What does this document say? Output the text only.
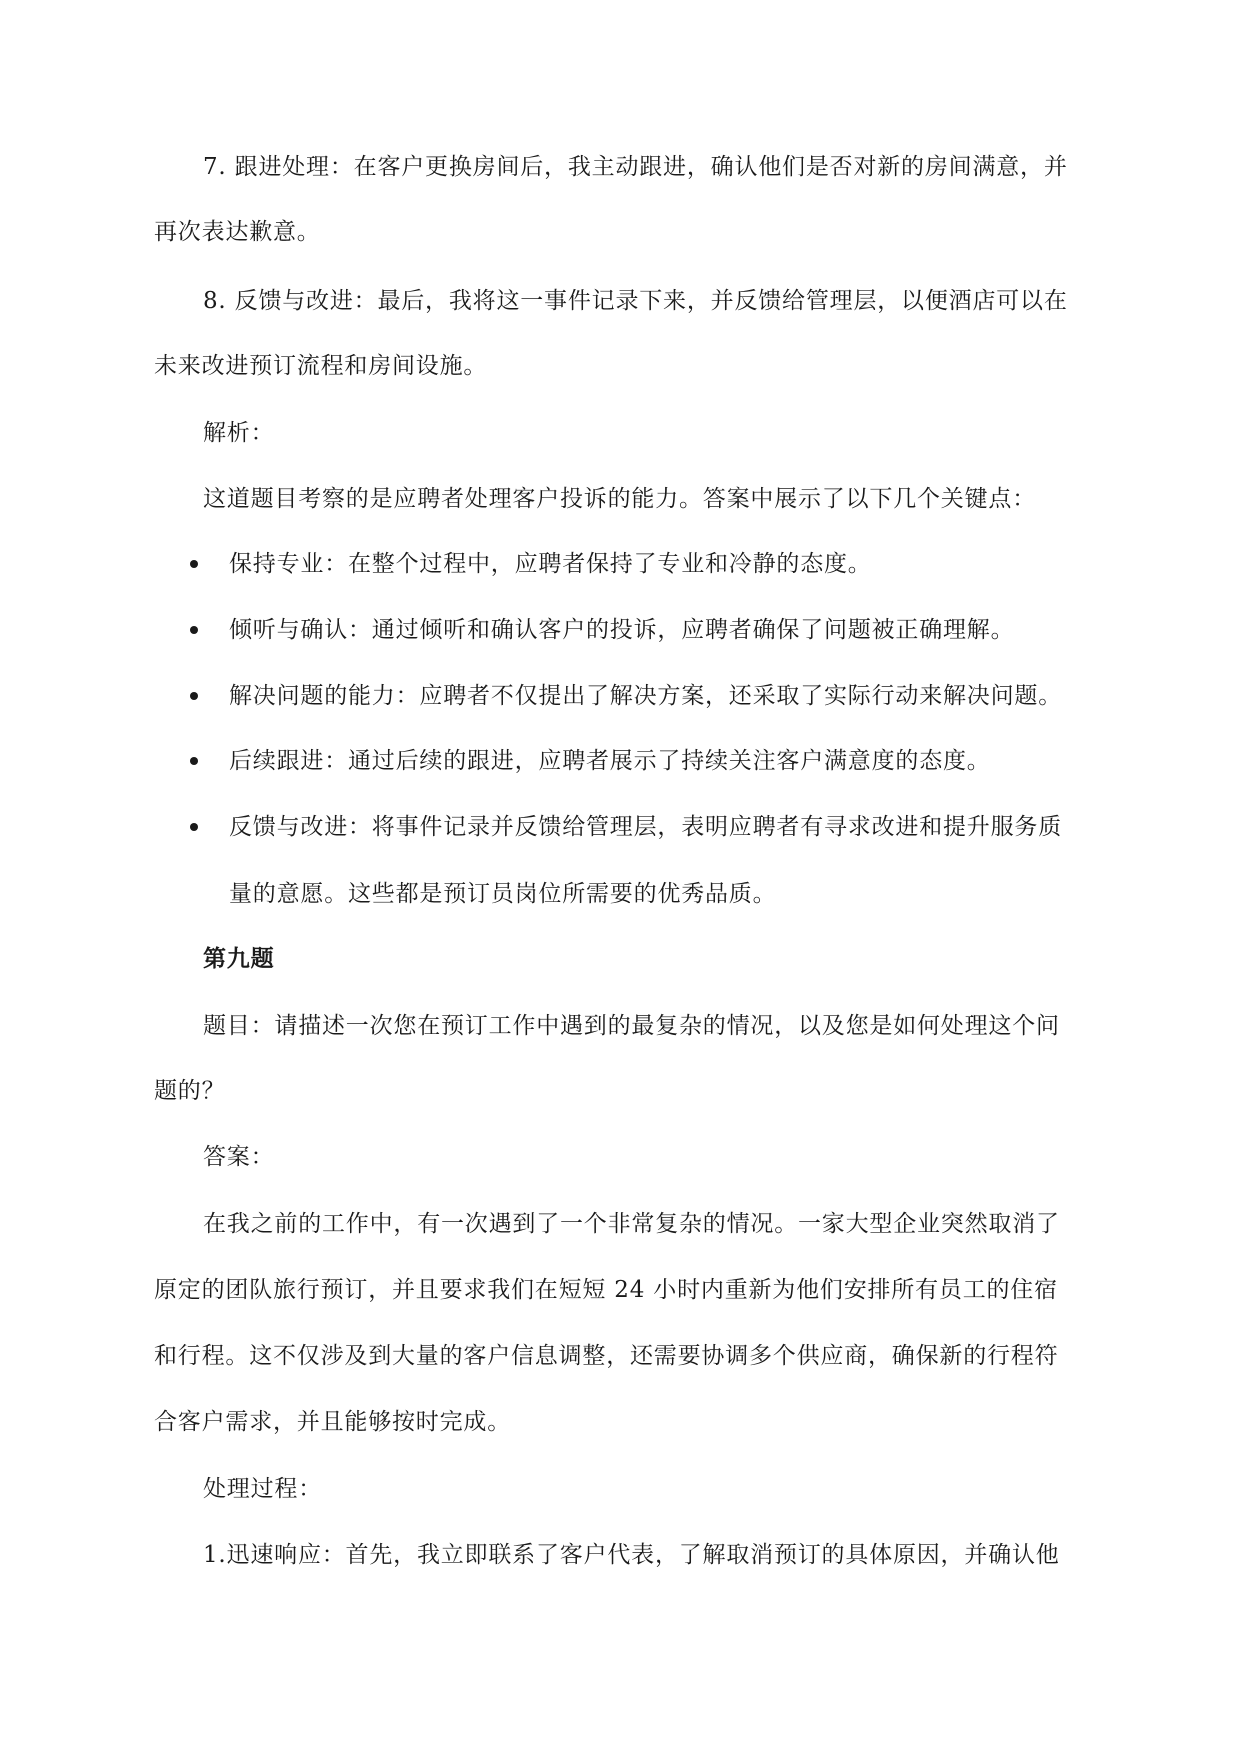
7. 跟进处理：在客户更换房间后，我主动跟进，确认他们是否对新的房间满意，并
再次表达歉意。
8. 反馈与改进：最后，我将这一事件记录下来，并反馈给管理层，以便酒店可以在
未来改进预订流程和房间设施。
解析：
这道题目考察的是应聘者处理客户投诉的能力。答案中展示了以下几个关键点：
保持专业：在整个过程中，应聘者保持了专业和冷静的态度。
倾听与确认：通过倾听和确认客户的投诉，应聘者确保了问题被正确理解。
解决问题的能力：应聘者不仅提出了解决方案，还采取了实际行动来解决问题。
后续跟进：通过后续的跟进，应聘者展示了持续关注客户满意度的态度。
反馈与改进：将事件记录并反馈给管理层，表明应聘者有寻求改进和提升服务质
量的意愿。这些都是预订员岗位所需要的优秀品质。
第九题
题目：请描述一次您在预订工作中遇到的最复杂的情况，以及您是如何处理这个问
题的？
答案：
在我之前的工作中，有一次遇到了一个非常复杂的情况。一家大型企业突然取消了
原定的团队旅行预订，并且要求我们在短短 24 小时内重新为他们安排所有员工的住宿
和行程。这不仅涉及到大量的客户信息调整，还需要协调多个供应商，确保新的行程符
合客户需求，并且能够按时完成。
处理过程：
1.迅速响应：首先，我立即联系了客户代表，了解取消预订的具体原因，并确认他
